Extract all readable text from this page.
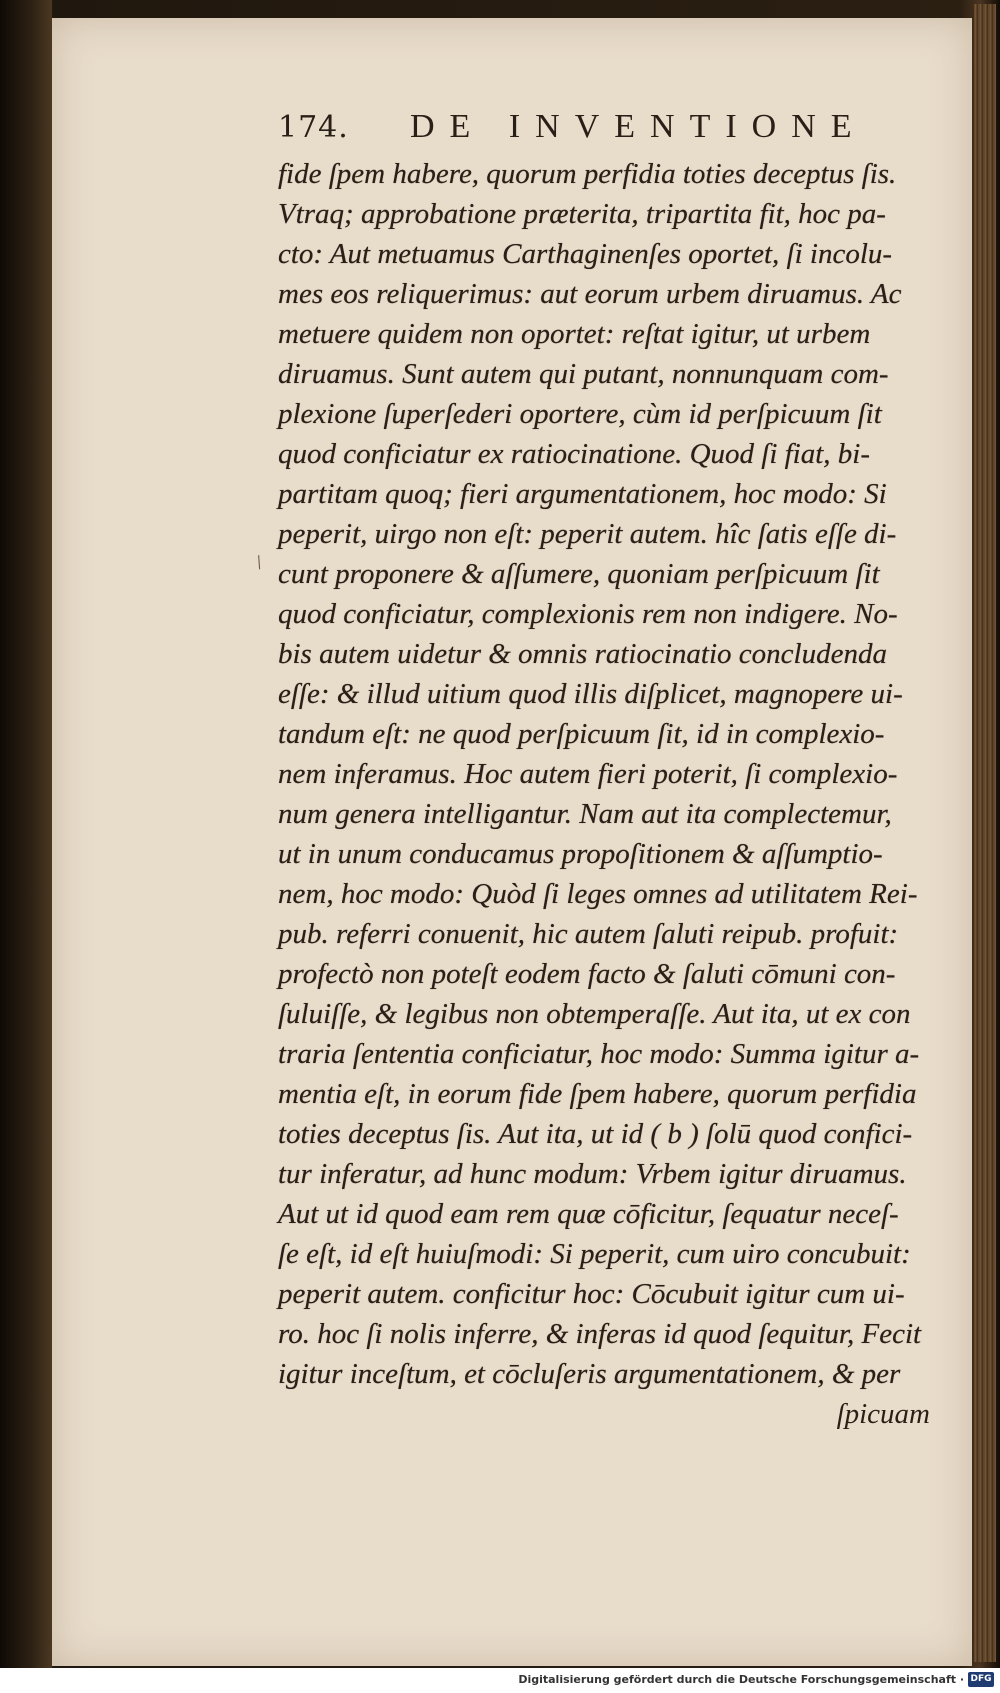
⁄
174. DE INVENTIONE
fide ſpem habere, quorum perfidia toties deceptus ſis.
Vtraq; approbatione præterita, tripartita fit, hoc pa-
cto: Aut metuamus Carthaginenſes oportet, ſi incolu-
mes eos reliquerimus: aut eorum urbem diruamus. Ac
metuere quidem non oportet: reſtat igitur, ut urbem
diruamus. Sunt autem qui putant, nonnunquam com-
plexione ſuperſederi oportere, cùm id perſpicuum ſit
quod conficiatur ex ratiocinatione. Quod ſi fiat, bi-
partitam quoq; fieri argumentationem, hoc modo: Si
peperit, uirgo non eſt: peperit autem. hîc ſatis eſſe di-
cunt proponere & aſſumere, quoniam perſpicuum ſit
quod conficiatur, complexionis rem non indigere. No-
bis autem uidetur & omnis ratiocinatio concludenda
eſſe: & illud uitium quod illis diſplicet, magnopere ui-
tandum eſt: ne quod perſpicuum ſit, id in complexio-
nem inferamus. Hoc autem fieri poterit, ſi complexio-
num genera intelligantur. Nam aut ita complectemur,
ut in unum conducamus propoſitionem & aſſumptio-
nem, hoc modo: Quòd ſi leges omnes ad utilitatem Rei-
pub. referri conuenit, hic autem ſaluti reipub. profuit:
profectò non poteſt eodem facto & ſaluti cōmuni con-
ſuluiſſe, & legibus non obtemperaſſe. Aut ita, ut ex con
traria ſententia conficiatur, hoc modo: Summa igitur a-
mentia eſt, in eorum fide ſpem habere, quorum perfidia
toties deceptus ſis. Aut ita, ut id ( b ) ſolū quod confici-
tur inferatur, ad hunc modum: Vrbem igitur diruamus.
Aut ut id quod eam rem quæ cōficitur, ſequatur neceſ-
ſe eſt, id eſt huiuſmodi: Si peperit, cum uiro concubuit:
peperit autem. conficitur hoc: Cōcubuit igitur cum ui-
ro. hoc ſi nolis inferre, & inferas id quod ſequitur, Fecit
igitur inceſtum, et cōcluſeris argumentationem, & per
ſpicuam
Digitalisierung gefördert durch die Deutsche Forschungsgemeinschaft · DFG
